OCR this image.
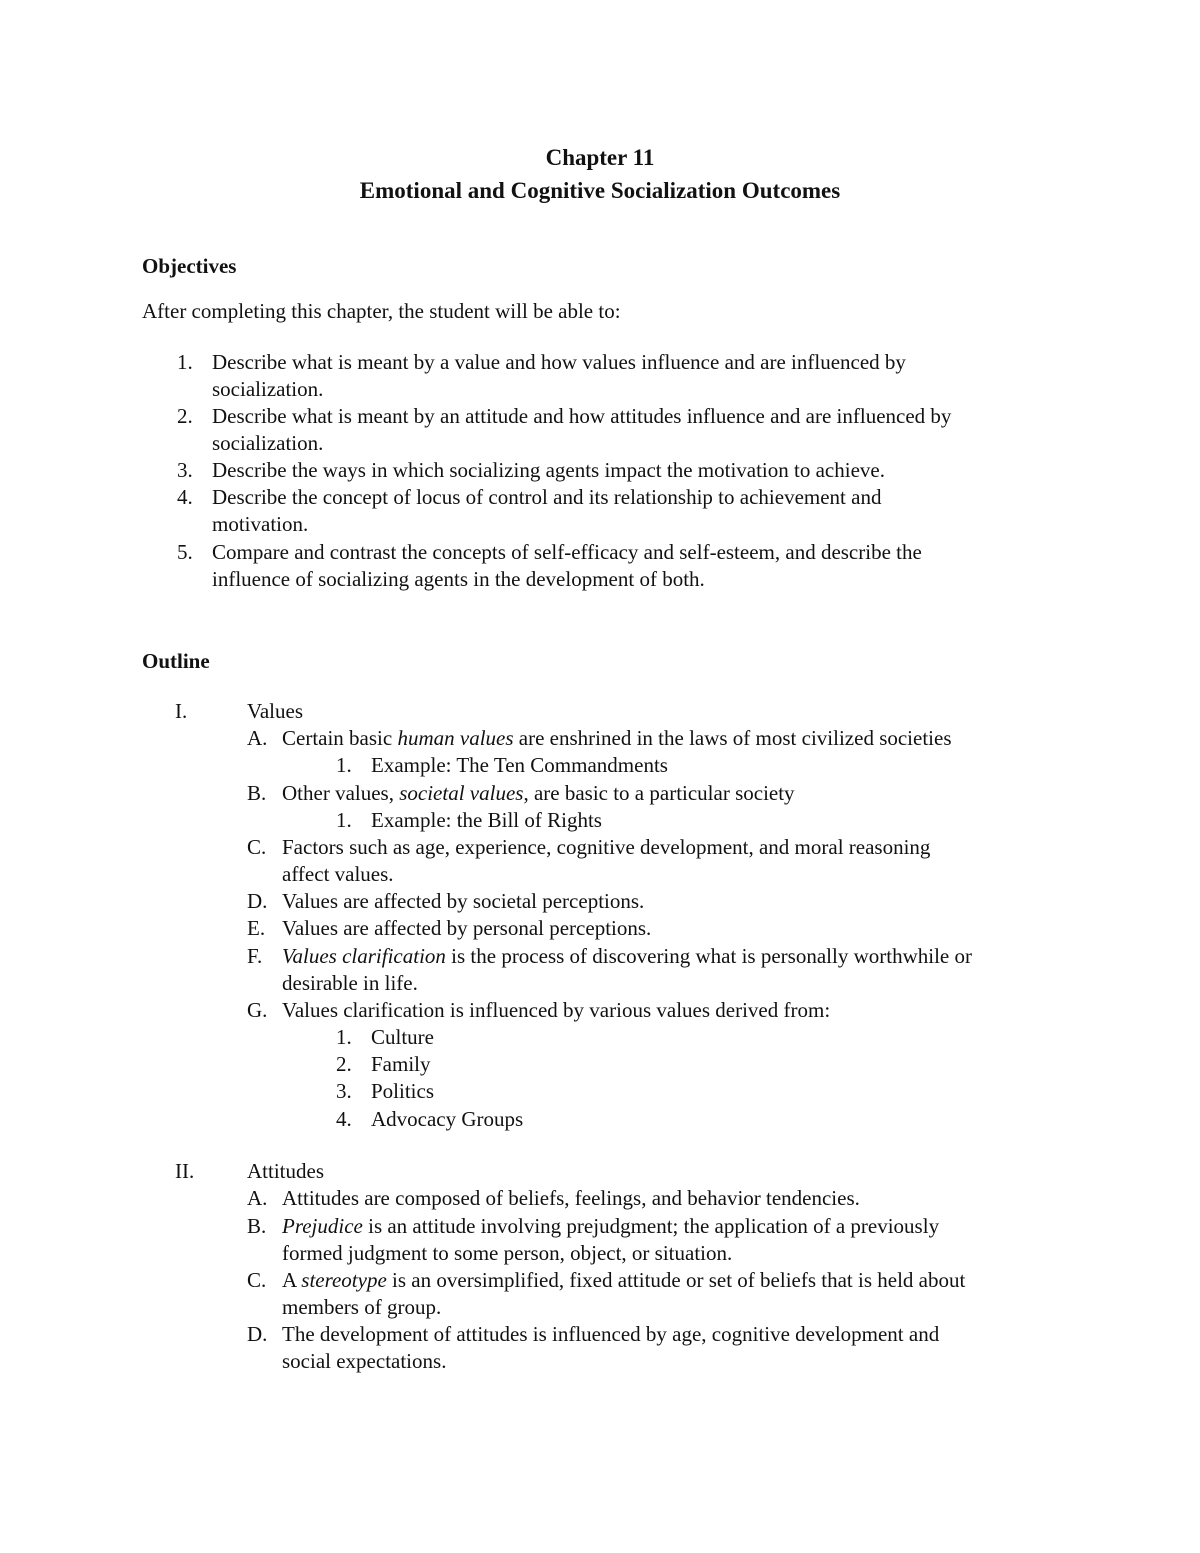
Chapter 11
Emotional and Cognitive Socialization Outcomes
Objectives
After completing this chapter, the student will be able to:
1. Describe what is meant by a value and how values influence and are influenced by
socialization.
2. Describe what is meant by an attitude and how attitudes influence and are influenced by
socialization.
3. Describe the ways in which socializing agents impact the motivation to achieve.
4. Describe the concept of locus of control and its relationship to achievement and
motivation.
5. Compare and contrast the concepts of self-efficacy and self-esteem, and describe the
influence of socializing agents in the development of both.
Outline
I.	Values
A. Certain basic human values are enshrined in the laws of most civilized societies
1. Example: The Ten Commandments
B. Other values, societal values, are basic to a particular society
1. Example: the Bill of Rights
C. Factors such as age, experience, cognitive development, and moral reasoning
affect values.
D. Values are affected by societal perceptions.
E. Values are affected by personal perceptions.
F. Values clarification is the process of discovering what is personally worthwhile or
desirable in life.
G. Values clarification is influenced by various values derived from:
1. Culture
2. Family
3. Politics
4. Advocacy Groups
II.	Attitudes
A. Attitudes are composed of beliefs, feelings, and behavior tendencies.
B. Prejudice is an attitude involving prejudgment; the application of a previously
formed judgment to some person, object, or situation.
C. A stereotype is an oversimplified, fixed attitude or set of beliefs that is held about
members of group.
D. The development of attitudes is influenced by age, cognitive development and
social expectations.
